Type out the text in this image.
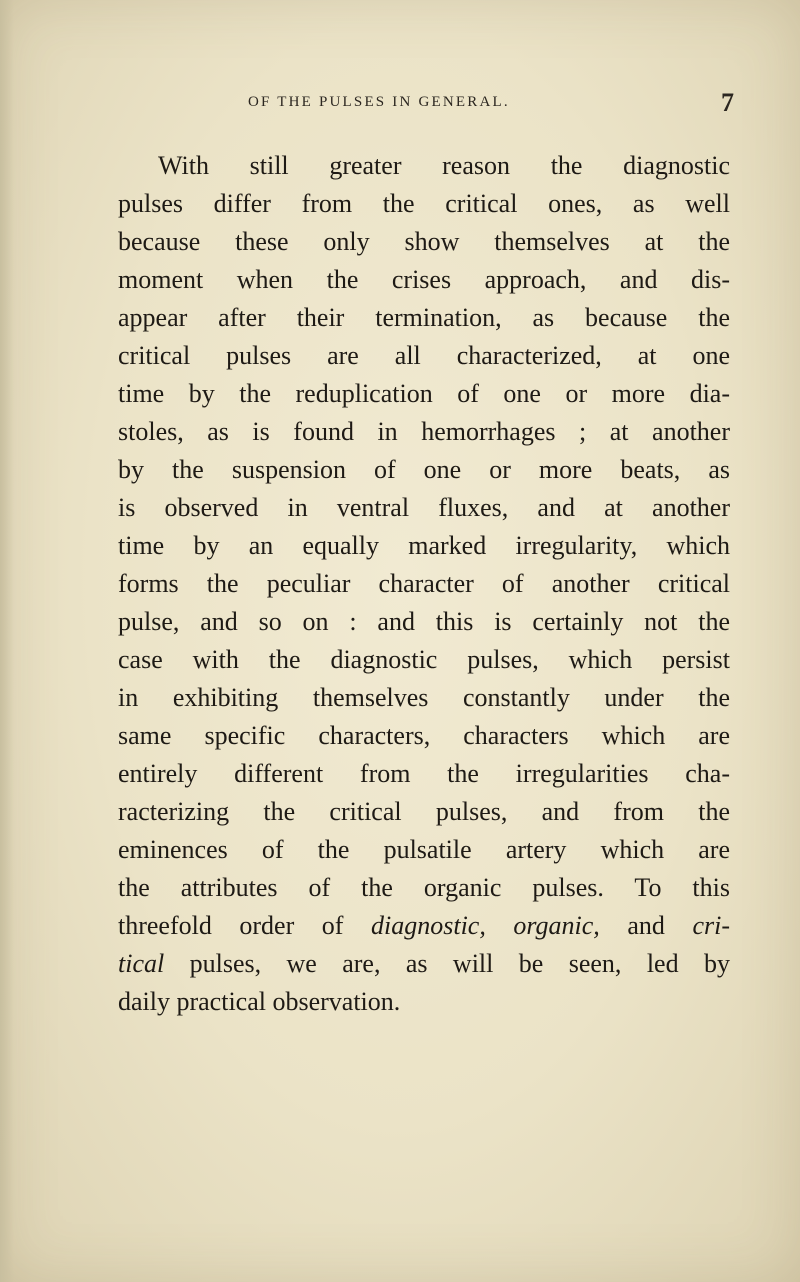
OF THE PULSES IN GENERAL.	7
With still greater reason the diagnostic
pulses differ from the critical ones, as well
because these only show themselves at the
moment when the crises approach, and dis-
appear after their termination, as because the
critical pulses are all characterized, at one
time by the reduplication of one or more dia-
stoles, as is found in hemorrhages ; at another
by the suspension of one or more beats, as
is observed in ventral fluxes, and at another
time by an equally marked irregularity, which
forms the peculiar character of another critical
pulse, and so on : and this is certainly not the
case with the diagnostic pulses, which persist
in exhibiting themselves constantly under the
same specific characters, characters which are
entirely different from the irregularities cha-
racterizing the critical pulses, and from the
eminences of the pulsatile artery which are
the attributes of the organic pulses. To this
threefold order of diagnostic, organic, and cri-
tical pulses, we are, as will be seen, led by
daily practical observation.
